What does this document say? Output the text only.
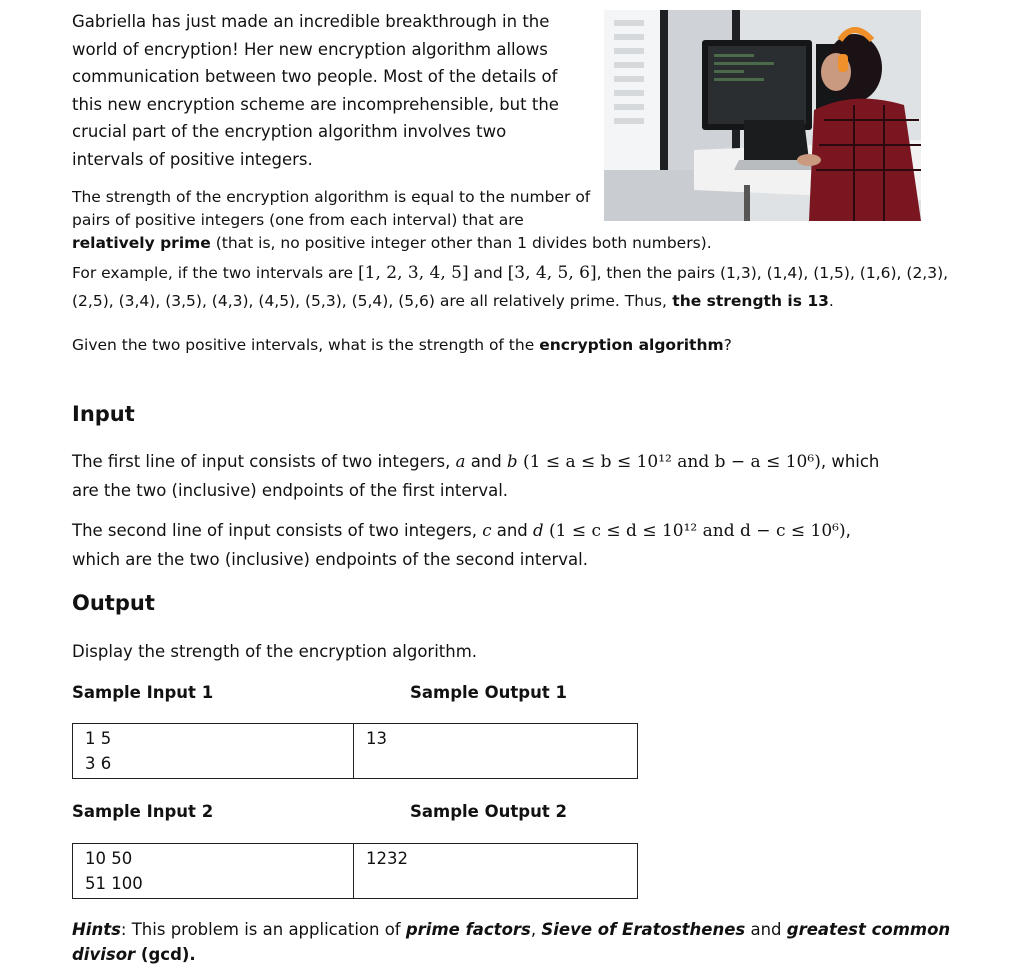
Gabriella has just made an incredible breakthrough in the
world of encryption! Her new encryption algorithm allows
communication between two people. Most of the details of
this new encryption scheme are incomprehensible, but the
crucial part of the encryption algorithm involves two
intervals of positive integers.

The strength of the encryption algorithm is equal to the number of
pairs of positive integers (one from each interval) that are
relatively prime (that is, no positive integer other than 1 divides both numbers).

For example, if the two intervals are [1, 2, 3, 4, 5] and [3, 4, 5, 6], then the pairs (1,3), (1,4), (1,5), (1,6), (2,3),
(2,5), (3,4), (3,5), (4,3), (4,5), (5,3), (5,4), (5,6) are all relatively prime. Thus, the strength is 13.

Given the two positive intervals, what is the strength of the encryption algorithm?

Input

The first line of input consists of two integers, a and b (1 ≤ a ≤ b ≤ 10¹² and b − a ≤ 10⁶), which
are the two (inclusive) endpoints of the first interval.

The second line of input consists of two integers, c and d (1 ≤ c ≤ d ≤ 10¹² and d − c ≤ 10⁶),
which are the two (inclusive) endpoints of the second interval.

Output

Display the strength of the encryption algorithm.

Sample Input 1	Sample Output 1
1 5
3 6	13
Sample Input 2	Sample Output 2
10 50
51 100	1232

Hints: This problem is an application of prime factors, Sieve of Eratosthenes and greatest common
divisor (gcd).
